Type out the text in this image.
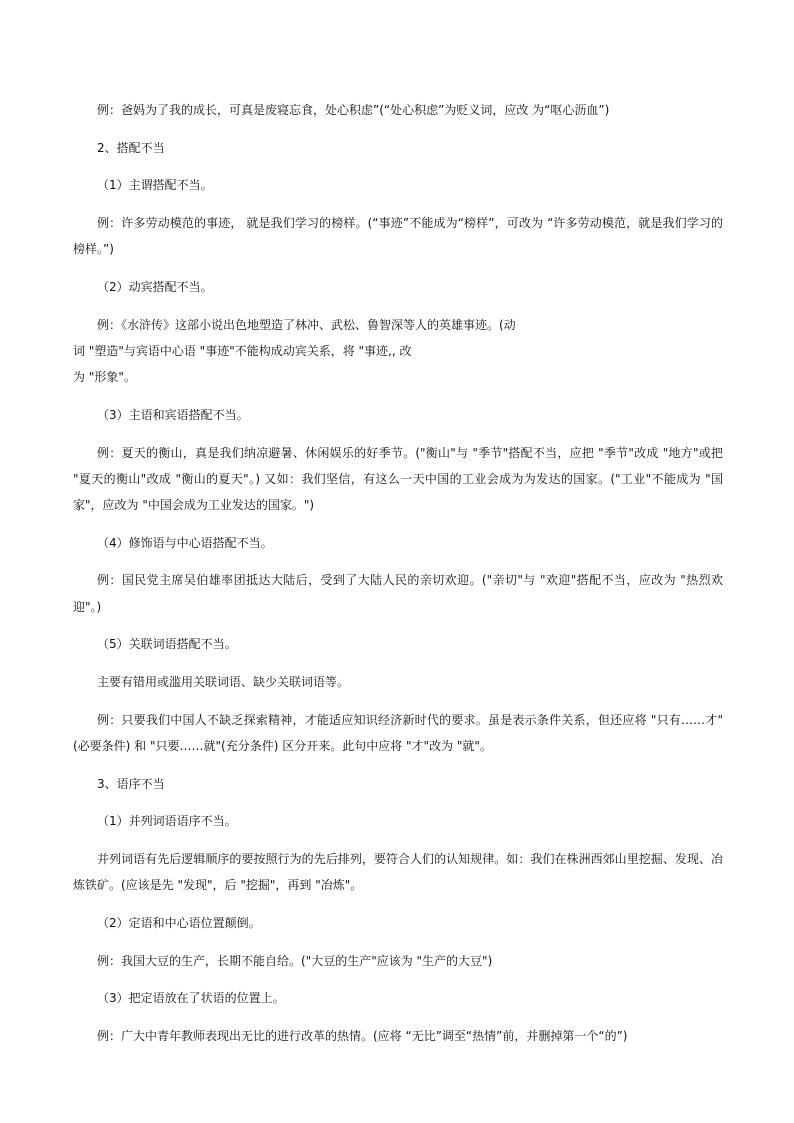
例：爸妈为了我的成长，可真是废寝忘食，处心积虑”(“处心积虑”为贬义词，应改 为“呕心沥血”)

2、搭配不当

（1）主谓搭配不当。

例：许多劳动模范的事迹， 就是我们学习的榜样。(“事迹”不能成为“榜样”，可改为 “许多劳动模范，就是我们学习的榜样。”)

（2）动宾搭配不当。

例：《水浒传》这部小说出色地塑造了林冲、武松、鲁智深等人的英雄事迹。(动

词 "塑造"与宾语中心语 "事迹"不能构成动宾关系，将 "事迹,, 改

为 "形象"。

（3）主语和宾语搭配不当。

例：夏天的衡山，真是我们纳凉避暑、休闲娱乐的好季节。("衡山"与 "季节"搭配不当，应把 "季节"改成 "地方"或把 "夏天的衡山"改成 "衡山的夏天"。) 又如：我们坚信，有这么一天中国的工业会成为为发达的国家。("工业"不能成为 "国家"，应改为 "中国会成为工业发达的国家。")

（4）修饰语与中心语搭配不当。

例：国民党主席吴伯雄率团抵达大陆后，受到了大陆人民的亲切欢迎。("亲切"与 "欢迎"搭配不当，应改为 "热烈欢迎"。)

（5）关联词语搭配不当。

主要有错用或滥用关联词语、缺少关联词语等。

例：只要我们中国人不缺乏探索精神，才能适应知识经济新时代的要求。虽是表示条件关系，但还应将 "只有……才"(必要条件) 和 "只要……就"(充分条件) 区分开来。此句中应将 "才"改为 "就"。

3、语序不当

（1）并列词语语序不当。

并列词语有先后逻辑顺序的要按照行为的先后排列，要符合人们的认知规律。如：我们在株洲西郊山里挖掘、发现、冶炼铁矿。(应该是先 "发现"，后 "挖掘"，再到 "冶炼"。

（2）定语和中心语位置颠倒。

例：我国大豆的生产，长期不能自给。("大豆的生产"应该为 "生产的大豆")

（3）把定语放在了状语的位置上。

例：广大中青年教师表现出无比的进行改革的热情。(应将 “无比”调至“热情”前，并删掉第一个“的”)
